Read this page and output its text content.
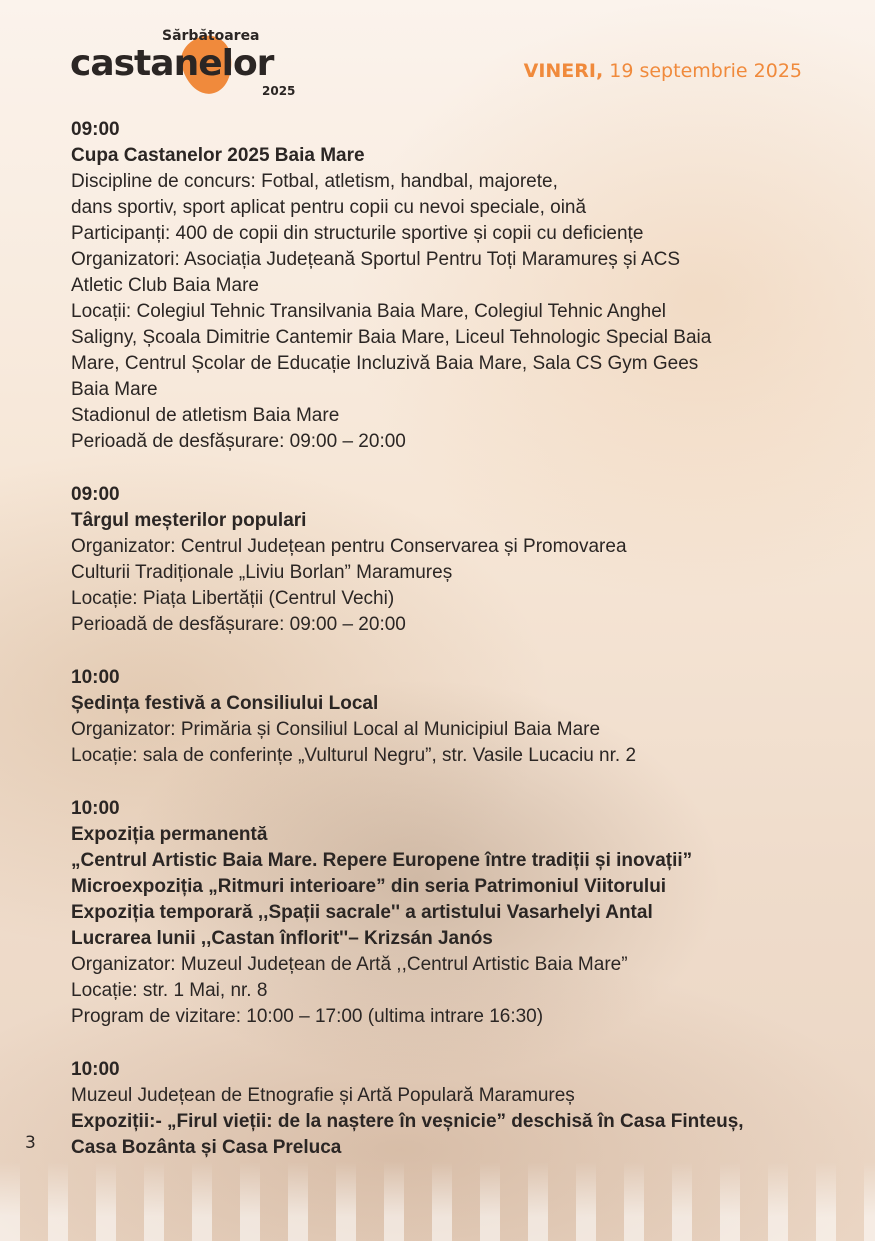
Sărbătoarea
castanelor
2025
VINERI, 19 septembrie 2025
09:00
Cupa Castanelor 2025 Baia Mare
Discipline de concurs: Fotbal, atletism, handbal, majorete,
dans sportiv, sport aplicat pentru copii cu nevoi speciale, oină
Participanți: 400 de copii din structurile sportive și copii cu deficiențe
Organizatori: Asociația Județeană Sportul Pentru Toți Maramureș și ACS
Atletic Club Baia Mare
Locații: Colegiul Tehnic Transilvania Baia Mare, Colegiul Tehnic Anghel
Saligny, Școala Dimitrie Cantemir Baia Mare, Liceul Tehnologic Special Baia
Mare, Centrul Școlar de Educație Incluzivă Baia Mare, Sala CS Gym Gees
Baia Mare
Stadionul de atletism Baia Mare
Perioadă de desfășurare: 09:00 – 20:00
09:00
Târgul meșterilor populari
Organizator: Centrul Județean pentru Conservarea și Promovarea
Culturii Tradiționale „Liviu Borlan” Maramureș
Locație: Piața Libertății (Centrul Vechi)
Perioadă de desfășurare: 09:00 – 20:00
10:00
Ședința festivă a Consiliului Local
Organizator: Primăria și Consiliul Local al Municipiul Baia Mare
Locație: sala de conferințe „Vulturul Negru”, str. Vasile Lucaciu nr. 2
10:00
Expoziția permanentă
„Centrul Artistic Baia Mare. Repere Europene între tradiții și inovații”
Microexpoziția „Ritmuri interioare” din seria Patrimoniul Viitorului
Expoziția temporară ,,Spații sacrale'' a artistului Vasarhelyi Antal
Lucrarea lunii ,,Castan înflorit''– Krizsán Janós
Organizator: Muzeul Județean de Artă ,,Centrul Artistic Baia Mare”
Locație: str. 1 Mai, nr. 8
Program de vizitare: 10:00 – 17:00 (ultima intrare 16:30)
10:00
Muzeul Județean de Etnografie și Artă Populară Maramureș
Expoziții:- „Firul vieții: de la naștere în veșnicie” deschisă în Casa Finteuș,
Casa Bozânta și Casa Preluca
3
